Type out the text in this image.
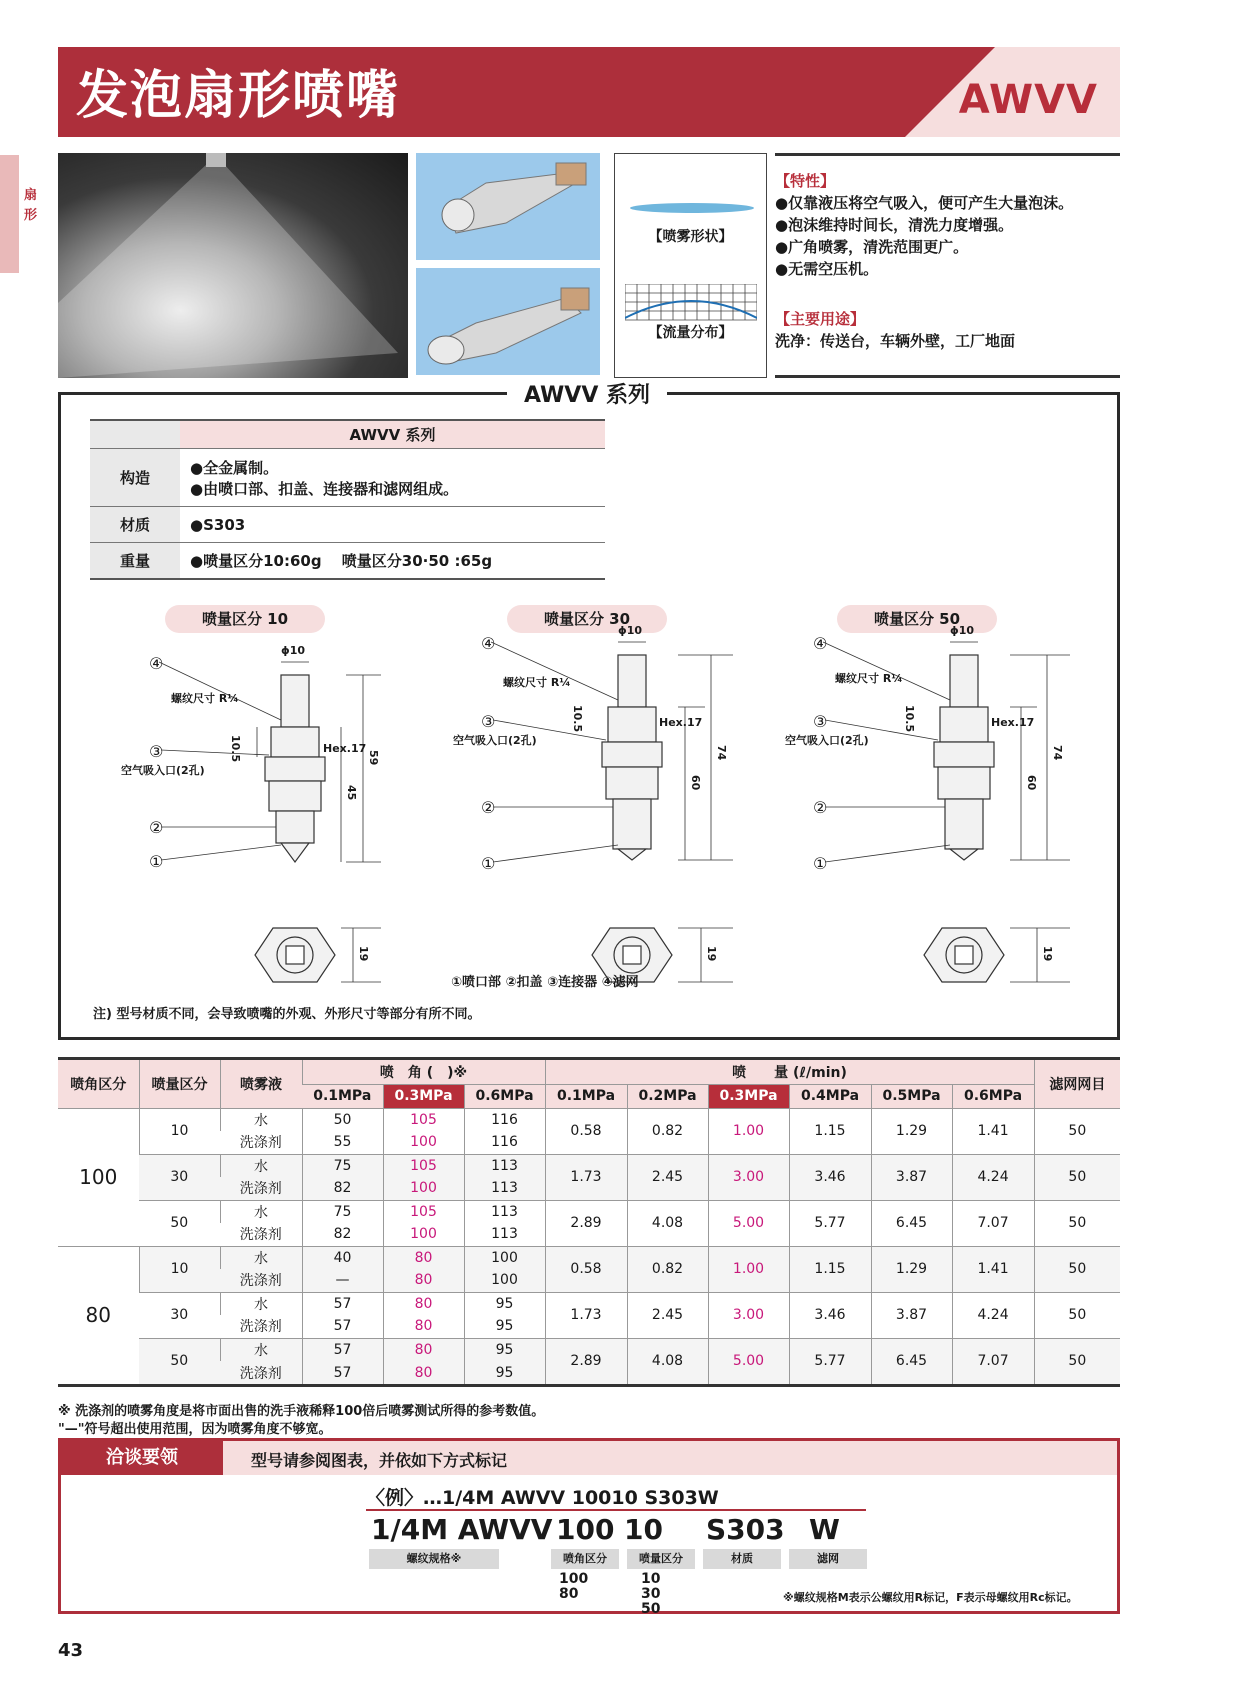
扇形
发泡扇形喷嘴	AWVV
【喷雾形状】
【流量分布】
【特性】
●仅靠液压将空气吸入，便可产生大量泡沫。
●泡沫维持时间长，清洗力度增强。
●广角喷雾，清洗范围更广。
●无需空压机。
【主要用途】
洗净：传送台，车辆外壁，工厂地面
	AWVV 系列
构造	●全金属制。
●由喷口部、扣盖、连接器和滤网组成。

材质	●S303
重量	●喷量区分10:60g　 喷量区分30·50 :65g
喷量区分 10
ϕ10
④
螺纹尺寸 R¼
10.5
③
空气吸入口(2孔)
Hex.17
59
45
②
①
19
喷量区分 30
ϕ10
④
螺纹尺寸 R¼
10.5
③
空气吸入口(2孔)
Hex.17
74
60
②
①
19
喷量区分 50
ϕ10
④
螺纹尺寸 R¼
10.5
③
空气吸入口(2孔)
Hex.17
74
60
②
①
19
①喷口部 ②扣盖 ③连接器 ④滤网
注) 型号材质不同，会导致喷嘴的外观、外形尺寸等部分有所不同。
AWVV 系列
喷角区分	喷量区分	喷雾液	喷　角 (　)※			喷　　量 (ℓ/min)						滤网网目
			0.1MPa	0.3MPa	0.6MPa	0.1MPa	0.2MPa	0.3MPa	0.4MPa	0.5MPa	0.6MPa	
100	10	水	50	105	116	0.58	0.82	1.00	1.15	1.29	1.41	50
		洗涤剂	55	100	116							
	30	水	75	105	113	1.73	2.45	3.00	3.46	3.87	4.24	50
		洗涤剂	82	100	113							
	50	水	75	105	113	2.89	4.08	5.00	5.77	6.45	7.07	50
		洗涤剂	82	100	113							
80	10	水	40	80	100	0.58	0.82	1.00	1.15	1.29	1.41	50
		洗涤剂	—	80	100							
	30	水	57	80	95	1.73	2.45	3.00	3.46	3.87	4.24	50
		洗涤剂	57	80	95							
	50	水	57	80	95	2.89	4.08	5.00	5.77	6.45	7.07	50
		洗涤剂	57	80	95							
※ 洗涤剂的喷雾角度是将市面出售的洗手液稀释100倍后喷雾测试所得的参考数值。
"—"符号超出使用范围，因为喷雾角度不够宽。
洽谈要领	型号请参阅图表，并依如下方式标记
〈例〉…1/4M AWVV 10010 S303W
1/4M AWVV
螺纹规格※
100
喷角区分
100
80
10
喷量区分
10
30
50
S303
材质
W
滤网
※螺纹规格M表示公螺纹用R标记，F表示母螺纹用Rc标记。
43
